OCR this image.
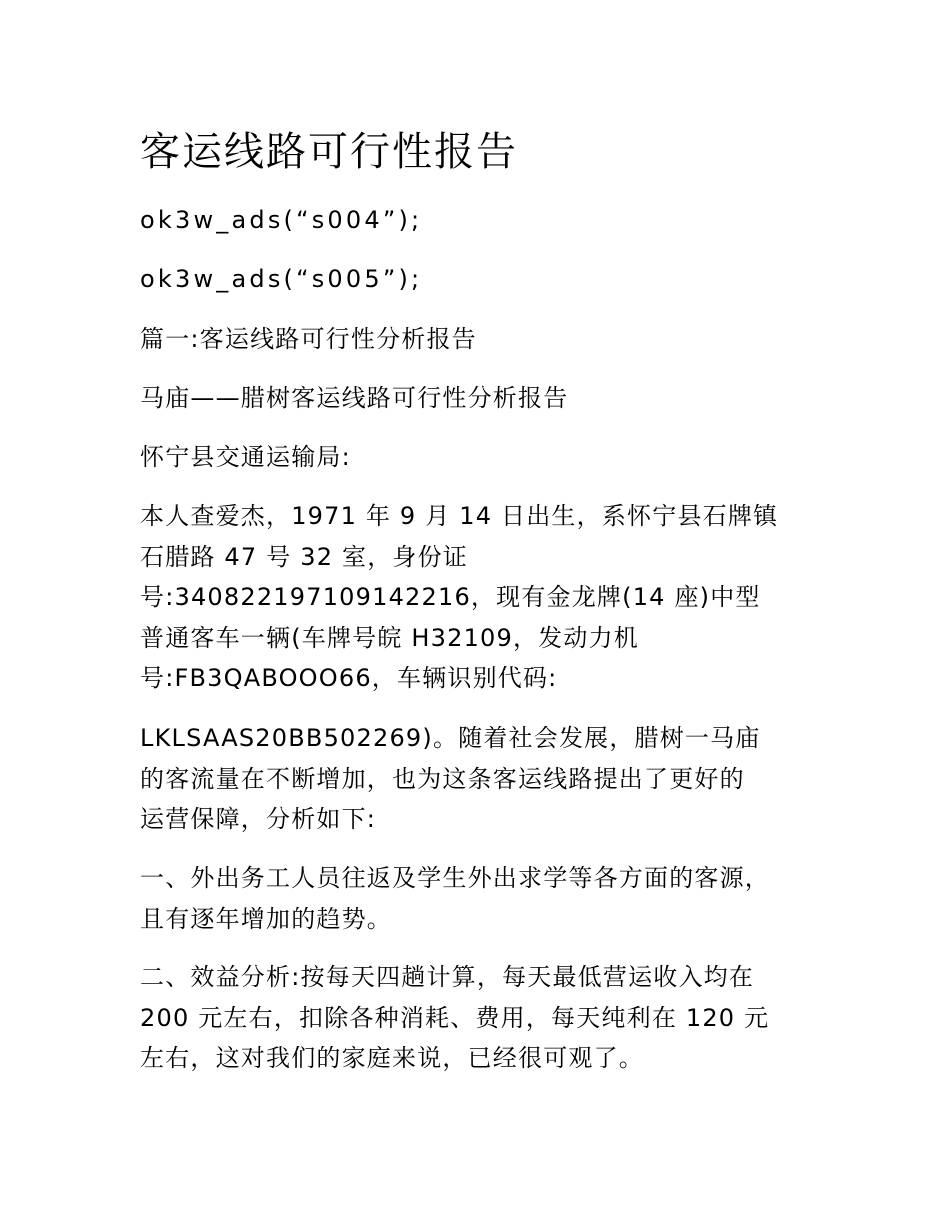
客运线路可行性报告

ok3w_ads(“s004”);

ok3w_ads(“s005”);

篇一:客运线路可行性分析报告

马庙——腊树客运线路可行性分析报告

怀宁县交通运输局:

本人查爱杰，1971 年 9 月 14 日出生，系怀宁县石牌镇
石腊路 47 号 32 室，身份证
号:340822197109142216，现有金龙牌(14 座)中型
普通客车一辆(车牌号皖 H32109，发动力机
号:FB3QABOOO66，车辆识别代码:

LKLSAAS20BB502269)。随着社会发展，腊树一马庙
的客流量在不断增加，也为这条客运线路提出了更好的
运营保障，分析如下:

一、外出务工人员往返及学生外出求学等各方面的客源，
且有逐年增加的趋势。

二、效益分析:按每天四趟计算，每天最低营运收入均在
200 元左右，扣除各种消耗、费用，每天纯利在 120 元
左右，这对我们的家庭来说，已经很可观了。
